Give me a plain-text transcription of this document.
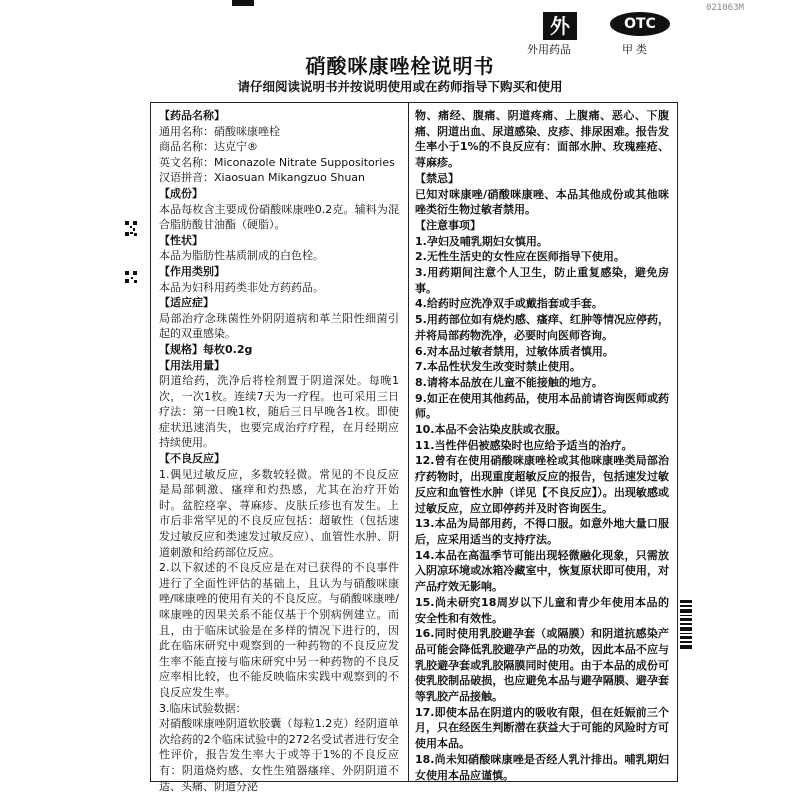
021063M
外
外用药品
OTC
甲类
硝酸咪康唑栓说明书
请仔细阅读说明书并按说明使用或在药师指导下购买和使用

【药品名称】

通用名称：硝酸咪康唑栓

商品名称：达克宁®

英文名称：Miconazole Nitrate Suppositories

汉语拼音：Xiaosuan Mikangzuo Shuan

【成份】

本品每枚含主要成份硝酸咪康唑0.2克。辅料为混合脂肪酸甘油酯（硬脂）。

【性状】

本品为脂肪性基质制成的白色栓。

【作用类别】

本品为妇科用药类非处方药药品。

【适应症】

局部治疗念珠菌性外阴阴道病和革兰阳性细菌引起的双重感染。

【规格】每枚0.2g

【用法用量】

阴道给药，洗净后将栓剂置于阴道深处。每晚1次，一次1枚。连续7天为一疗程。也可采用三日疗法：第一日晚1枚，随后三日早晚各1枚。即使症状迅速消失，也要完成治疗疗程，在月经期应持续使用。

【不良反应】

1.偶见过敏反应，多数较轻微。常见的不良反应是局部刺激、瘙痒和灼热感，尤其在治疗开始时。盆腔痉挛、荨麻疹、皮肤丘疹也有发生。上市后非常罕见的不良反应包括：超敏性（包括速发过敏反应和类速发过敏反应）、血管性水肿、阴道刺激和给药部位反应。

2.以下叙述的不良反应是在对已获得的不良事件进行了全面性评估的基础上，且认为与硝酸咪康唑/咪康唑的使用有关的不良反应。与硝酸咪康唑/咪康唑的因果关系不能仅基于个别病例建立。而且，由于临床试验是在多样的情况下进行的，因此在临床研究中观察到的一种药物的不良反应发生率不能直接与临床研究中另一种药物的不良反应率相比较，也不能反映临床实践中观察到的不良反应发生率。

3.临床试验数据：

对硝酸咪康唑阴道软胶囊（每粒1.2克）经阴道单次给药的2个临床试验中的272名受试者进行安全性评价，报告发生率大于或等于1%的不良反应有：阴道烧灼感、女性生殖器瘙痒、外阴阴道不适、头痛、阴道分泌

物、痛经、腹痛、阴道疼痛、上腹痛、恶心、下腹痛、阴道出血、尿道感染、皮疹、排尿困难。报告发生率小于1%的不良反应有：面部水肿、玫瑰痤疮、荨麻疹。

【禁忌】

已知对咪康唑/硝酸咪康唑、本品其他成份或其他咪唑类衍生物过敏者禁用。

【注意事项】

1.孕妇及哺乳期妇女慎用。

2.无性生活史的女性应在医师指导下使用。

3.用药期间注意个人卫生，防止重复感染，避免房事。

4.给药时应洗净双手或戴指套或手套。

5.用药部位如有烧灼感、瘙痒、红肿等情况应停药，并将局部药物洗净，必要时向医师咨询。

6.对本品过敏者禁用，过敏体质者慎用。

7.本品性状发生改变时禁止使用。

8.请将本品放在儿童不能接触的地方。

9.如正在使用其他药品，使用本品前请咨询医师或药师。

10.本品不会沾染皮肤或衣服。

11.当性伴侣被感染时也应给予适当的治疗。

12.曾有在使用硝酸咪康唑栓或其他咪康唑类局部治疗药物时，出现重度超敏反应的报告，包括速发过敏反应和血管性水肿（详见【不良反应】）。出现敏感或过敏反应，应立即停药并及时咨询医生。

13.本品为局部用药，不得口服。如意外地大量口服后，应采用适当的支持疗法。

14.本品在高温季节可能出现轻微融化现象，只需放入阴凉环境或冰箱冷藏室中，恢复原状即可使用，对产品疗效无影响。

15.尚未研究18周岁以下儿童和青少年使用本品的安全性和有效性。

16.同时使用乳胶避孕套（或隔膜）和阴道抗感染产品可能会降低乳胶避孕产品的功效，因此本品不应与乳胶避孕套或乳胶隔膜同时使用。由于本品的成份可使乳胶制品破损，也应避免本品与避孕隔膜、避孕套等乳胶产品接触。

17.即使本品在阴道内的吸收有限，但在妊娠前三个月，只在经医生判断潜在获益大于可能的风险时方可使用本品。

18.尚未知硝酸咪康唑是否经人乳汁排出。哺乳期妇女使用本品应谨慎。
